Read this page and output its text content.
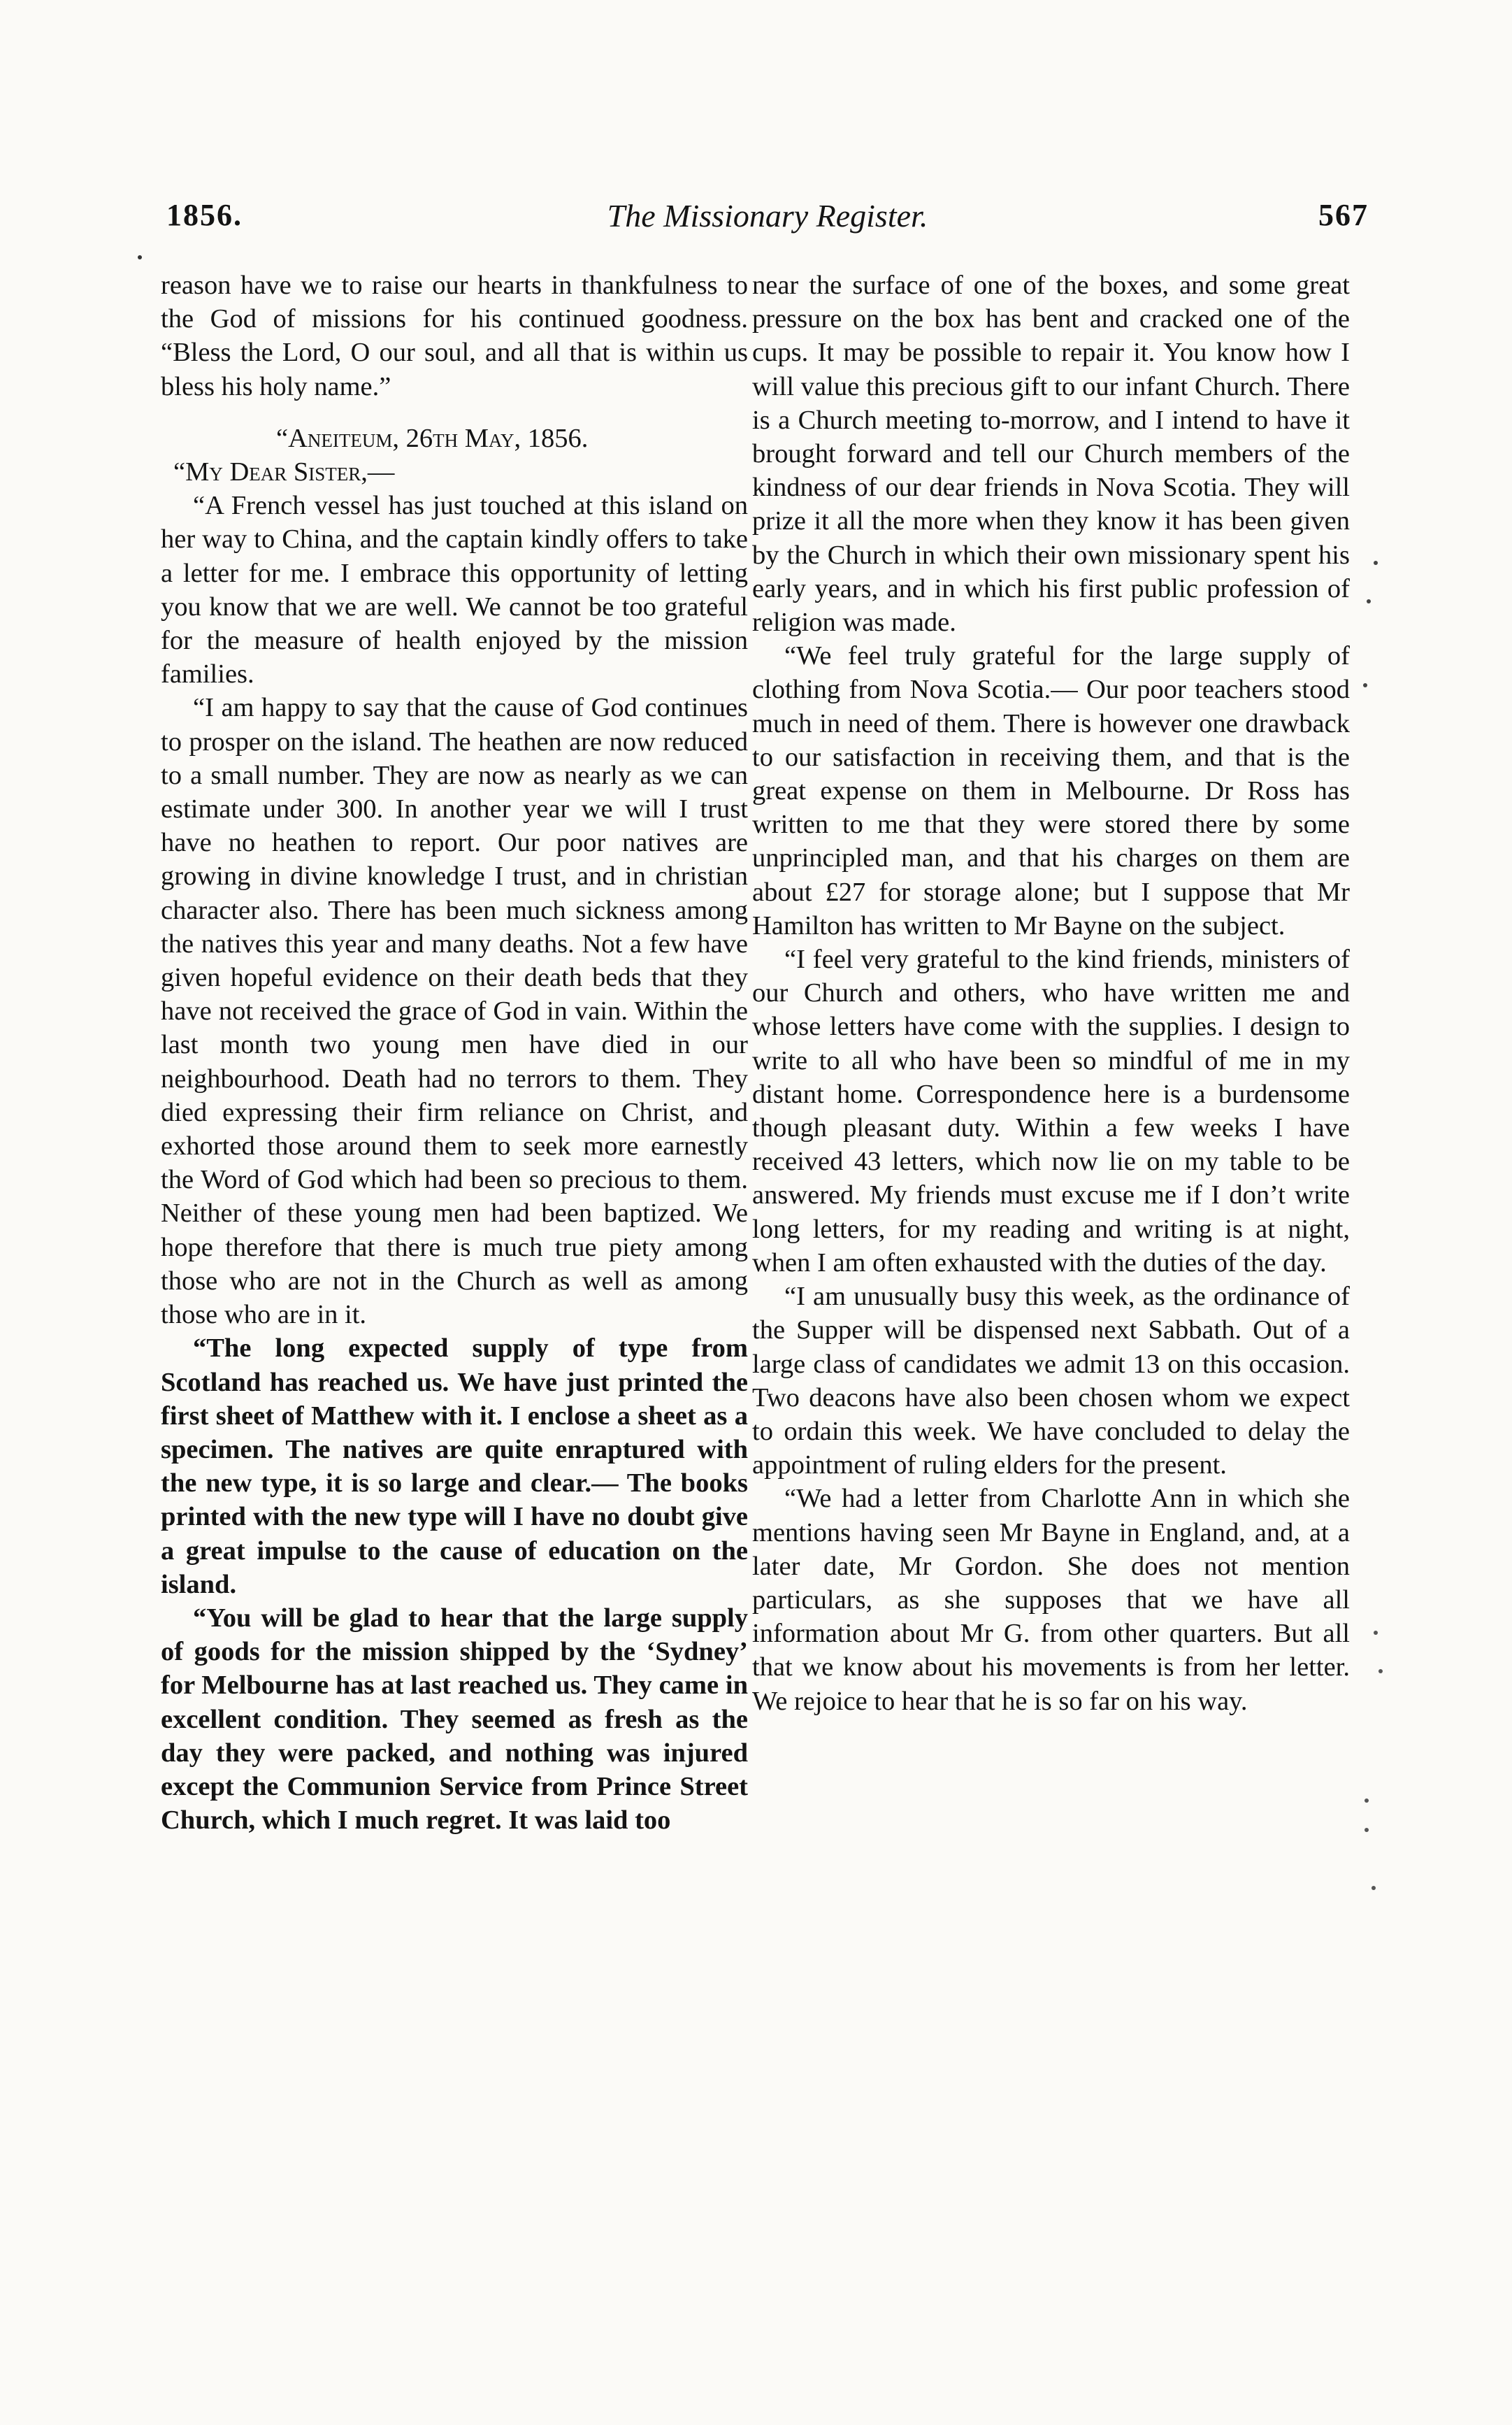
1856.	The Missionary Register.	567

reason have we to raise our hearts in thankfulness to the God of missions for his continued goodness. “Bless the Lord, O our soul, and all that is within us bless his holy name.”

“Aneiteum, 26th May, 1856.

“My Dear Sister,—

“A French vessel has just touched at this island on her way to China, and the captain kindly offers to take a letter for me. I embrace this opportunity of letting you know that we are well. We cannot be too grateful for the measure of health enjoyed by the mission families.

“I am happy to say that the cause of God continues to prosper on the island. The heathen are now reduced to a small number. They are now as nearly as we can estimate under 300. In another year we will I trust have no heathen to report. Our poor natives are growing in divine knowledge I trust, and in christian character also. There has been much sickness among the natives this year and many deaths. Not a few have given hopeful evidence on their death beds that they have not received the grace of God in vain. Within the last month two young men have died in our neighbourhood. Death had no terrors to them. They died expressing their firm reliance on Christ, and exhorted those around them to seek more earnestly the Word of God which had been so precious to them. Neither of these young men had been baptized. We hope therefore that there is much true piety among those who are not in the Church as well as among those who are in it.

“The long expected supply of type from Scotland has reached us. We have just printed the first sheet of Matthew with it. I enclose a sheet as a specimen. The natives are quite enraptured with the new type, it is so large and clear.— The books printed with the new type will I have no doubt give a great impulse to the cause of education on the island.

“You will be glad to hear that the large supply of goods for the mission shipped by the ‘Sydney’ for Melbourne has at last reached us. They came in excellent condition. They seemed as fresh as the day they were packed, and nothing was injured except the Communion Service from Prince Street Church, which I much regret. It was laid too

near the surface of one of the boxes, and some great pressure on the box has bent and cracked one of the cups. It may be possible to repair it. You know how I will value this precious gift to our infant Church. There is a Church meeting to-morrow, and I intend to have it brought forward and tell our Church members of the kindness of our dear friends in Nova Scotia. They will prize it all the more when they know it has been given by the Church in which their own missionary spent his early years, and in which his first public profession of religion was made.

“We feel truly grateful for the large supply of clothing from Nova Scotia.— Our poor teachers stood much in need of them. There is however one drawback to our satisfaction in receiving them, and that is the great expense on them in Melbourne. Dr Ross has written to me that they were stored there by some unprincipled man, and that his charges on them are about £27 for storage alone; but I suppose that Mr Hamilton has written to Mr Bayne on the subject.

“I feel very grateful to the kind friends, ministers of our Church and others, who have written me and whose letters have come with the supplies. I design to write to all who have been so mindful of me in my distant home. Correspondence here is a burdensome though pleasant duty. Within a few weeks I have received 43 letters, which now lie on my table to be answered. My friends must excuse me if I don’t write long letters, for my reading and writing is at night, when I am often exhausted with the duties of the day.

“I am unusually busy this week, as the ordinance of the Supper will be dispensed next Sabbath. Out of a large class of candidates we admit 13 on this occasion. Two deacons have also been chosen whom we expect to ordain this week. We have concluded to delay the appointment of ruling elders for the present.

“We had a letter from Charlotte Ann in which she mentions having seen Mr Bayne in England, and, at a later date, Mr Gordon. She does not mention particulars, as she supposes that we have all information about Mr G. from other quarters. But all that we know about his movements is from her letter. We rejoice to hear that he is so far on his way.
